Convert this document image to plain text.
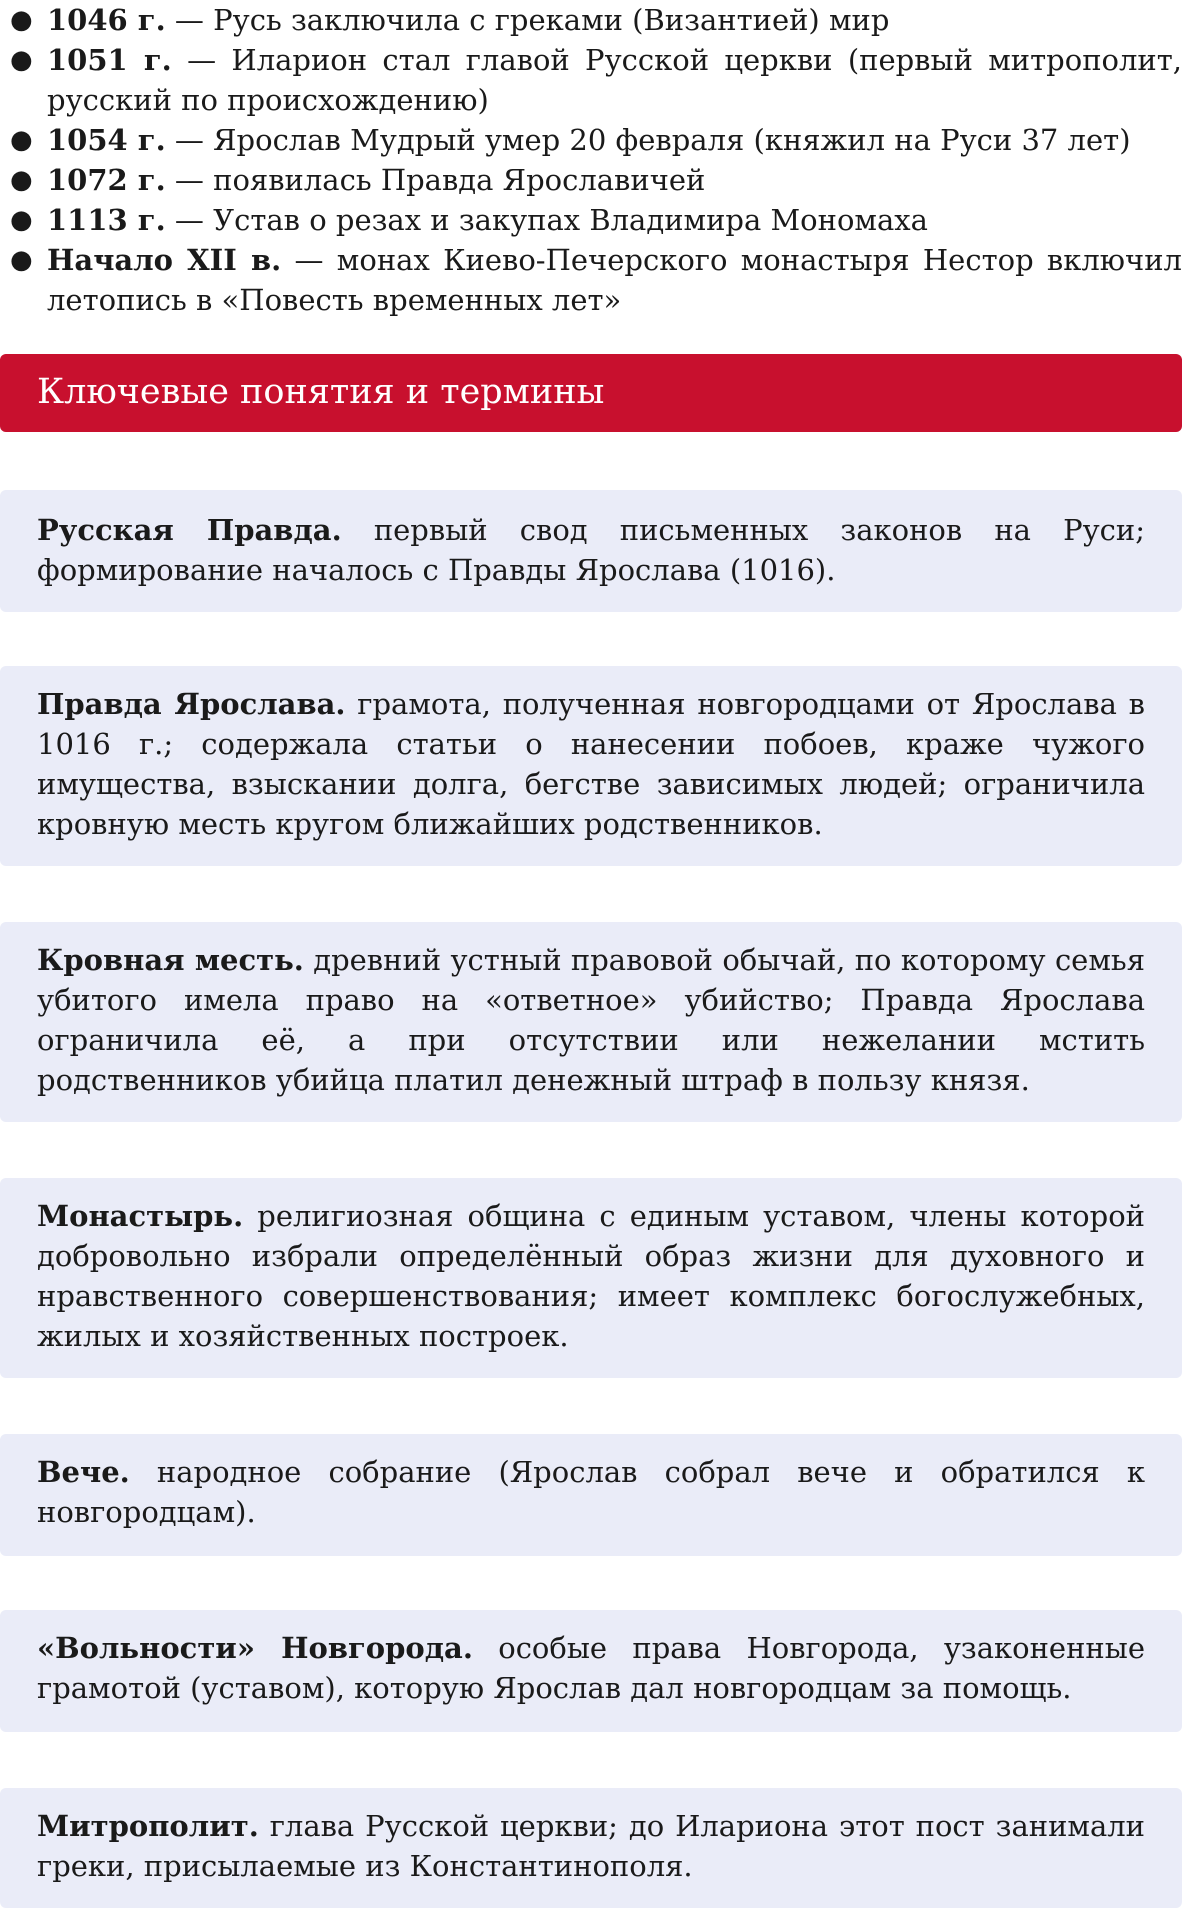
● 1046 г. — Русь заключила с греками (Византией) мир
● 1051 г. — Иларион стал главой Русской церкви (первый митрополит, русский по происхождению)
● 1054 г. — Ярослав Мудрый умер 20 февраля (княжил на Руси 37 лет)
● 1072 г. — появилась Правда Ярославичей
● 1113 г. — Устав о резах и закупах Владимира Мономаха
● Начало XII в. — монах Киево-Печерского монастыря Нестор включил летопись в «Повесть временных лет»
Ключевые понятия и термины
Русская Правда. первый свод письменных законов на Руси; формирование началось с Правды Ярослава (1016).
Правда Ярослава. грамота, полученная новгородцами от Ярослава в 1016 г.; содержала статьи о нанесении побоев, краже чужого имущества, взыскании долга, бегстве зависимых людей; ограничила кровную месть кругом ближайших родственников.
Кровная месть. древний устный правовой обычай, по которому семья убитого имела право на «ответное» убийство; Правда Ярослава ограничила её, а при отсутствии или нежелании мстить родственников убийца платил денежный штраф в пользу князя.
Монастырь. религиозная община с единым уставом, члены которой добровольно избрали определённый образ жизни для духовного и нравственного совершенствования; имеет комплекс богослужебных, жилых и хозяйственных построек.
Вече. народное собрание (Ярослав собрал вече и обратился к новгородцам).
«Вольности» Новгорода. особые права Новгорода, узаконенные грамотой (уставом), которую Ярослав дал новгородцам за помощь.
Митрополит. глава Русской церкви; до Илариона этот пост занимали греки, присылаемые из Константинополя.
